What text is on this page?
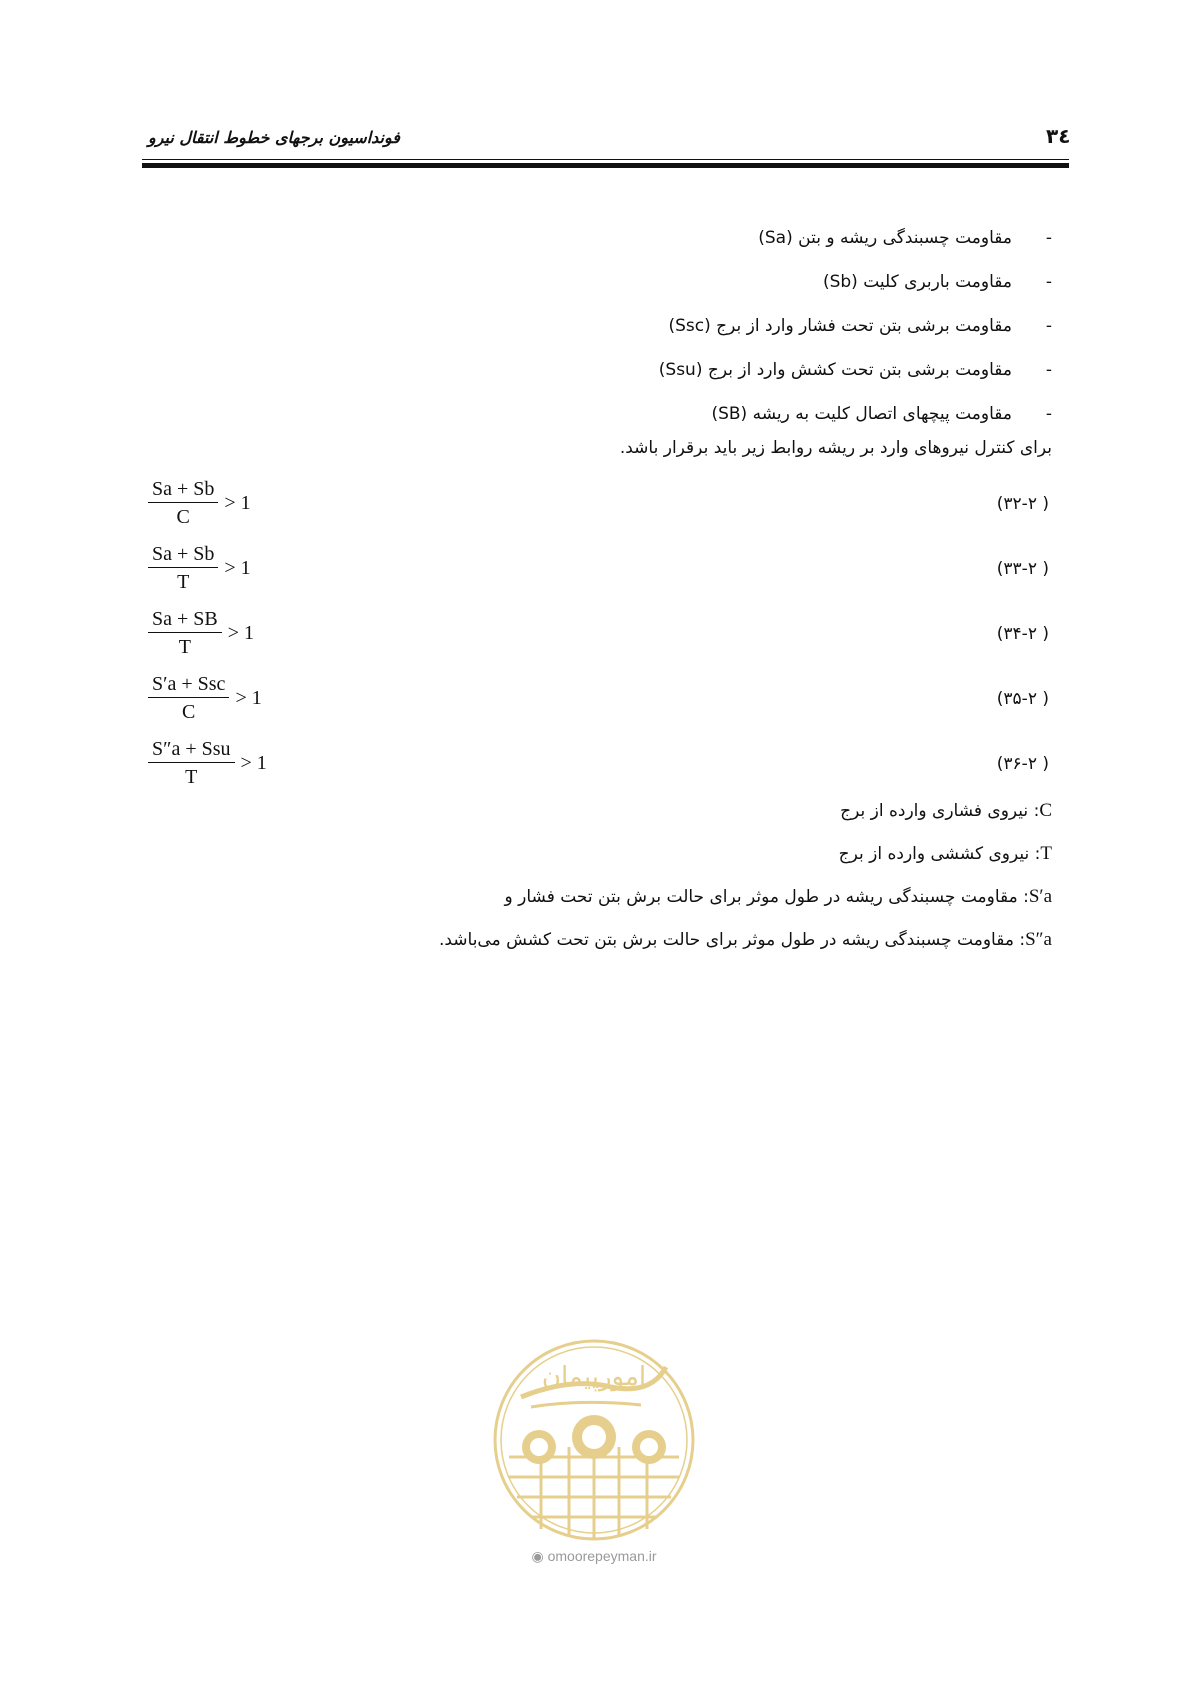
فونداسیون برجهای خطوط انتقال نیرو	۳٤
-
مقاومت چسبندگی ریشه و بتن (Sa)
-
مقاومت باربری کلیت (Sb)
-
مقاومت برشی بتن تحت فشار وارد از برج (Ssc)
-
مقاومت برشی بتن تحت کشش وارد از برج (Ssu)
-
مقاومت پیچهای اتصال کلیت به ریشه (SB)
برای کنترل نیروهای وارد بر ریشه روابط زیر باید برقرار باشد.
$\frac{Sa + Sb}{C} > 1$	( ۳۲-۲)
$\frac{Sa + Sb}{T} > 1$	( ۳۳-۲)
$\frac{Sa + SB}{T} > 1$	( ۳۴-۲)
$\frac{\text{S′a + Ssc}}{C} > 1$	( ۳۵-۲)
$\frac{\text{S″a + Ssu}}{T} > 1$	( ۳۶-۲)
C: نیروی فشاری وارده از برج
T: نیروی کششی وارده از برج
S′a: مقاومت چسبندگی ریشه در طول موثر برای حالت برش بتن تحت فشار و
S″a: مقاومت چسبندگی ریشه در طول موثر برای حالت برش بتن تحت کشش می‌باشد.
امورپیمان
◉ omoorepeyman.ir
